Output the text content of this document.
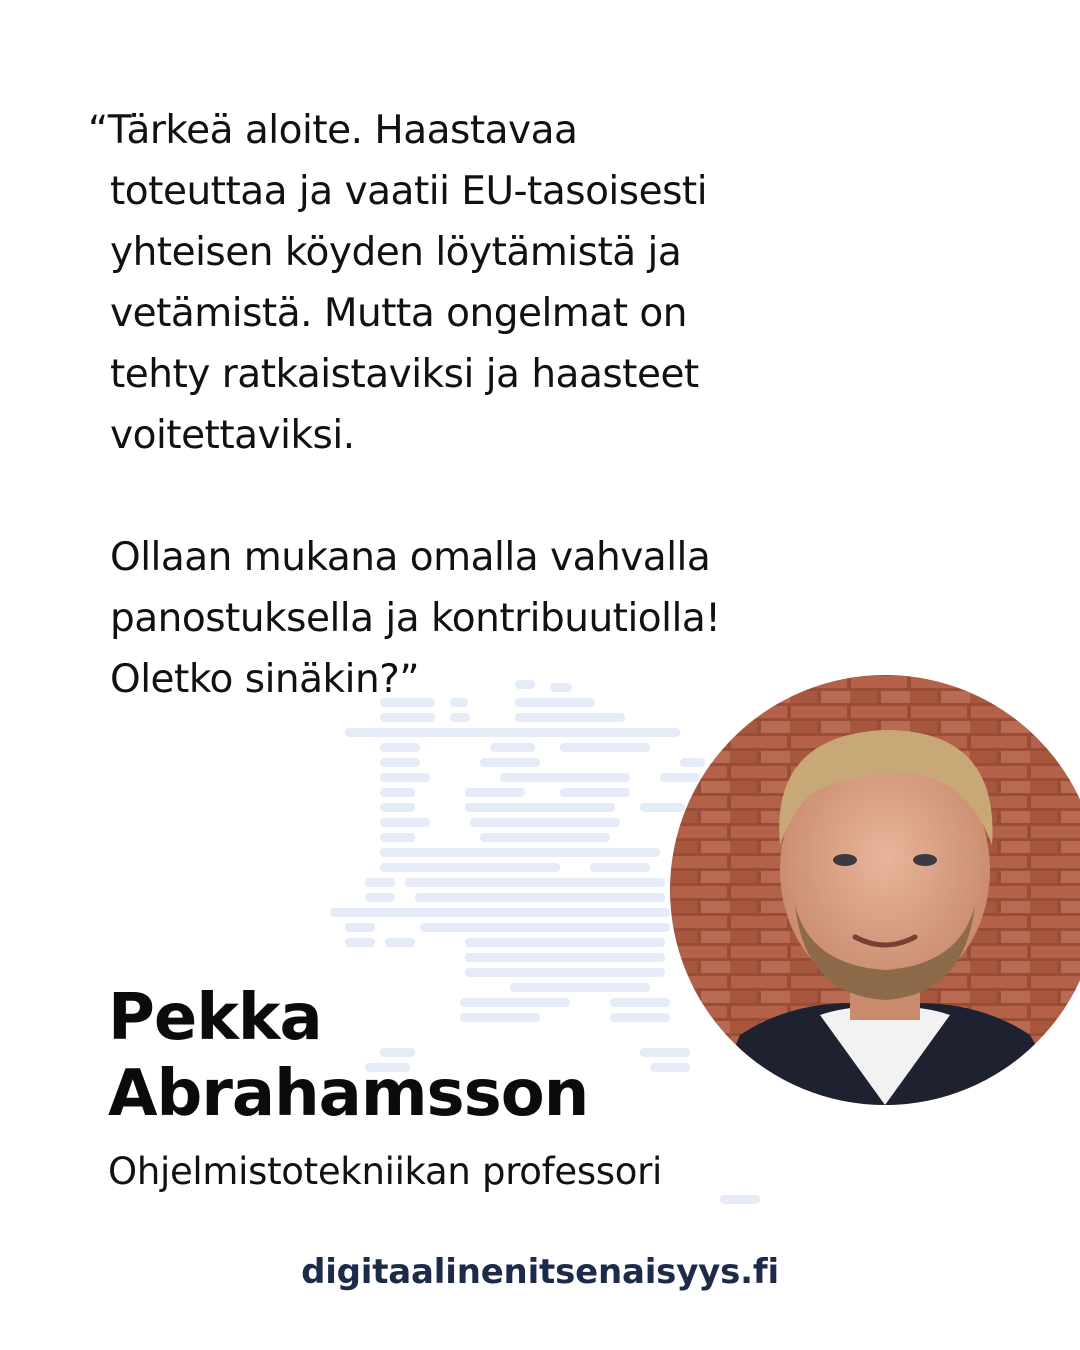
“Tärkeä aloite. Haastavaa
toteuttaa ja vaatii EU-tasoisesti
yhteisen köyden löytämistä ja
vetämistä. Mutta ongelmat on
tehty ratkaistaviksi ja haasteet
voitettaviksi.
Ollaan mukana omalla vahvalla
panostuksella ja kontribuutiolla!
Oletko sinäkin?”
Pekka
Abrahamsson

Ohjelmistotekniikan professori

digitaalinenitsenaisyys.fi
